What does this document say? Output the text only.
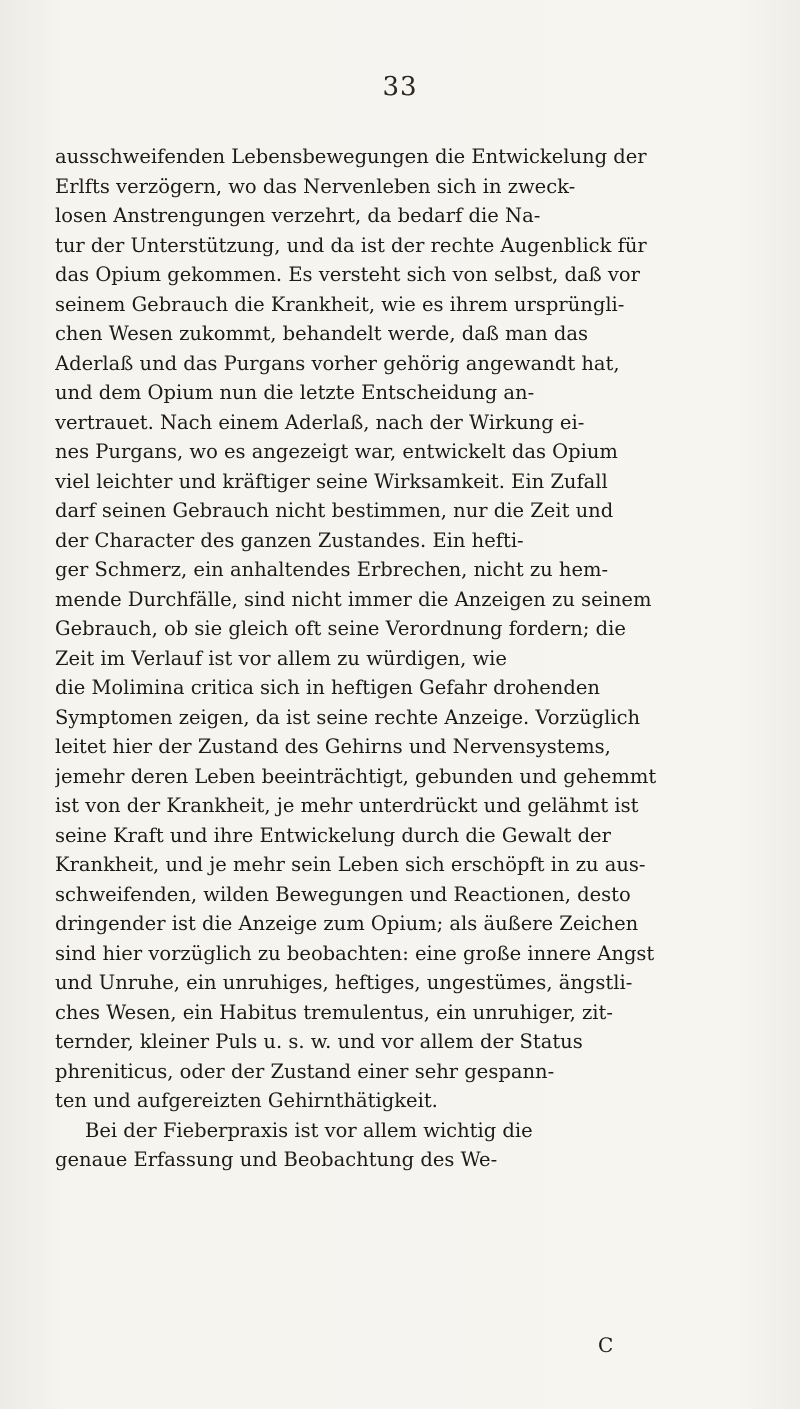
33
ausschweifenden Lebensbewegungen die Entwickelung der
Erlfts verzögern, wo das Nervenleben sich in zweck-
losen Anstrengungen verzehrt, da bedarf die Na-
tur der Unterstützung, und da ist der rechte Augenblick für
das Opium gekommen. Es versteht sich von selbst, daß vor
seinem Gebrauch die Krankheit, wie es ihrem ursprüngli-
chen Wesen zukommt, behandelt werde, daß man das
Aderlaß und das Purgans vorher gehörig angewandt hat,
und dem Opium nun die letzte Entscheidung an-
vertrauet. Nach einem Aderlaß, nach der Wirkung ei-
nes Purgans, wo es angezeigt war, entwickelt das Opium
viel leichter und kräftiger seine Wirksamkeit. Ein Zufall
darf seinen Gebrauch nicht bestimmen, nur die Zeit und
der Character des ganzen Zustandes. Ein hefti-
ger Schmerz, ein anhaltendes Erbrechen, nicht zu hem-
mende Durchfälle, sind nicht immer die Anzeigen zu seinem
Gebrauch, ob sie gleich oft seine Verordnung fordern; die
Zeit im Verlauf ist vor allem zu würdigen, wie
die Molimina critica sich in heftigen Gefahr drohenden
Symptomen zeigen, da ist seine rechte Anzeige. Vorzüglich
leitet hier der Zustand des Gehirns und Nervensystems,
jemehr deren Leben beeinträchtigt, gebunden und gehemmt
ist von der Krankheit, je mehr unterdrückt und gelähmt ist
seine Kraft und ihre Entwickelung durch die Gewalt der
Krankheit, und je mehr sein Leben sich erschöpft in zu aus-
schweifenden, wilden Bewegungen und Reactionen, desto
dringender ist die Anzeige zum Opium; als äußere Zeichen
sind hier vorzüglich zu beobachten: eine große innere Angst
und Unruhe, ein unruhiges, heftiges, ungestümes, ängstli-
ches Wesen, ein Habitus tremulentus, ein unruhiger, zit-
ternder, kleiner Puls u. s. w. und vor allem der Status
phreniticus, oder der Zustand einer sehr gespann-
ten und aufgereizten Gehirnthätigkeit.
Bei der Fieberpraxis ist vor allem wichtig die
genaue Erfassung und Beobachtung des We-
C
